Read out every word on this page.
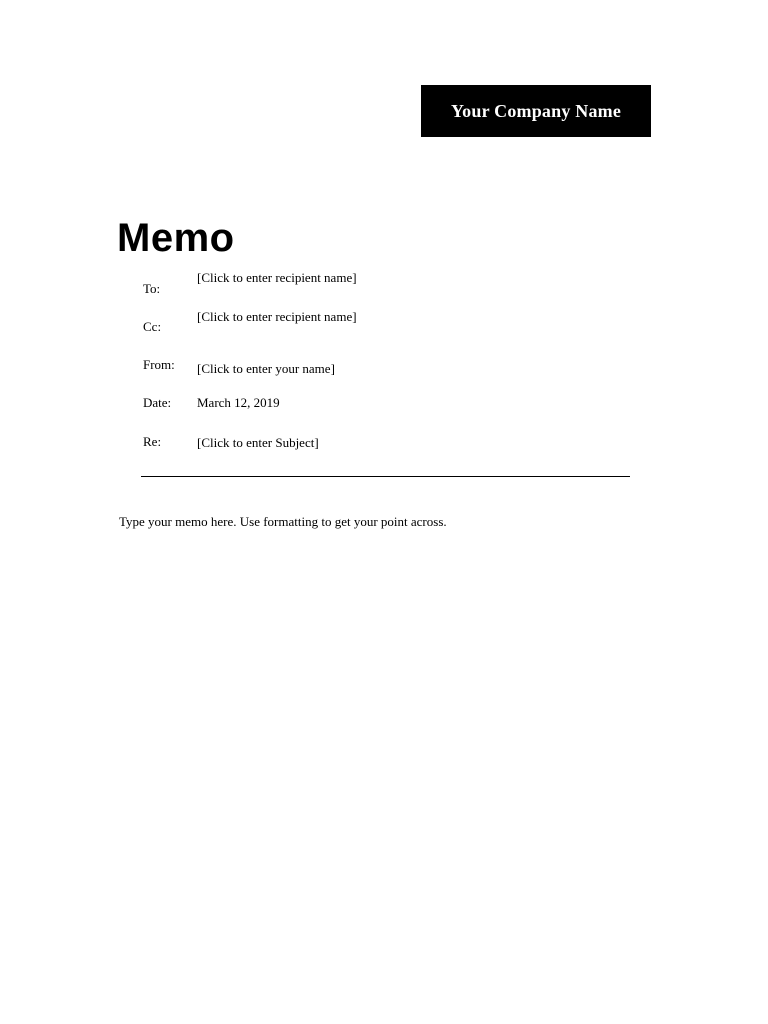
Your Company Name
Memo
To:
[Click to enter recipient name]
Cc:
[Click to enter recipient name]
From: [Click to enter your name]
Date: March 12, 2019
Re:	[Click to enter Subject]
Type your memo here. Use formatting to get your point across.
